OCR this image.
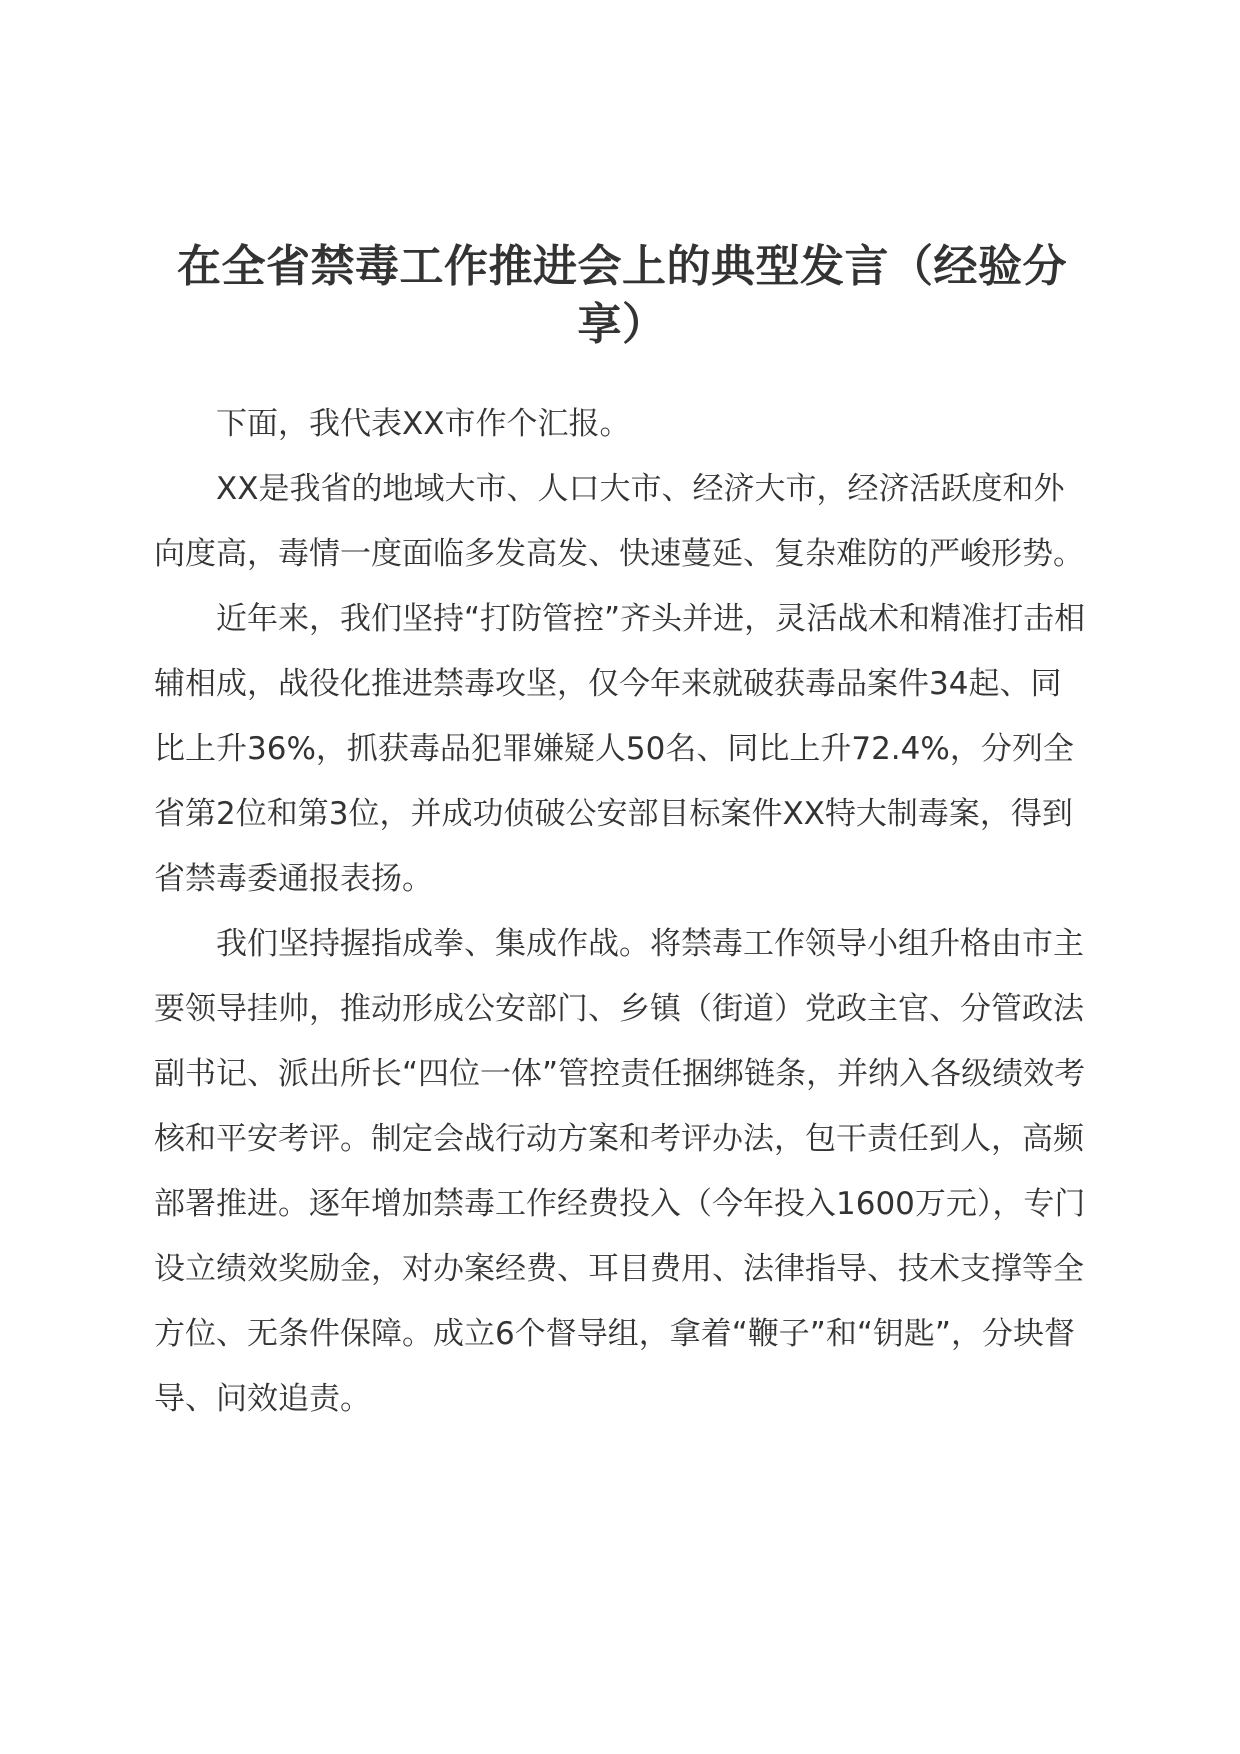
在全省禁毒工作推进会上的典型发言（经验分享）

下面，我代表XX市作个汇报。

XX是我省的地域大市、人口大市、经济大市，经济活跃度和外向度高，毒情一度面临多发高发、快速蔓延、复杂难防的严峻形势。

近年来，我们坚持“打防管控”齐头并进，灵活战术和精准打击相辅相成，战役化推进禁毒攻坚，仅今年来就破获毒品案件34起、同比上升36%，抓获毒品犯罪嫌疑人50名、同比上升72.4%，分列全省第2位和第3位，并成功侦破公安部目标案件XX特大制毒案，得到省禁毒委通报表扬。

我们坚持握指成拳、集成作战。将禁毒工作领导小组升格由市主要领导挂帅，推动形成公安部门、乡镇（街道）党政主官、分管政法副书记、派出所长“四位一体”管控责任捆绑链条，并纳入各级绩效考核和平安考评。制定会战行动方案和考评办法，包干责任到人，高频部署推进。逐年增加禁毒工作经费投入（今年投入1600万元），专门设立绩效奖励金，对办案经费、耳目费用、法律指导、技术支撑等全方位、无条件保障。成立6个督导组，拿着“鞭子”和“钥匙”，分块督导、问效追责。
